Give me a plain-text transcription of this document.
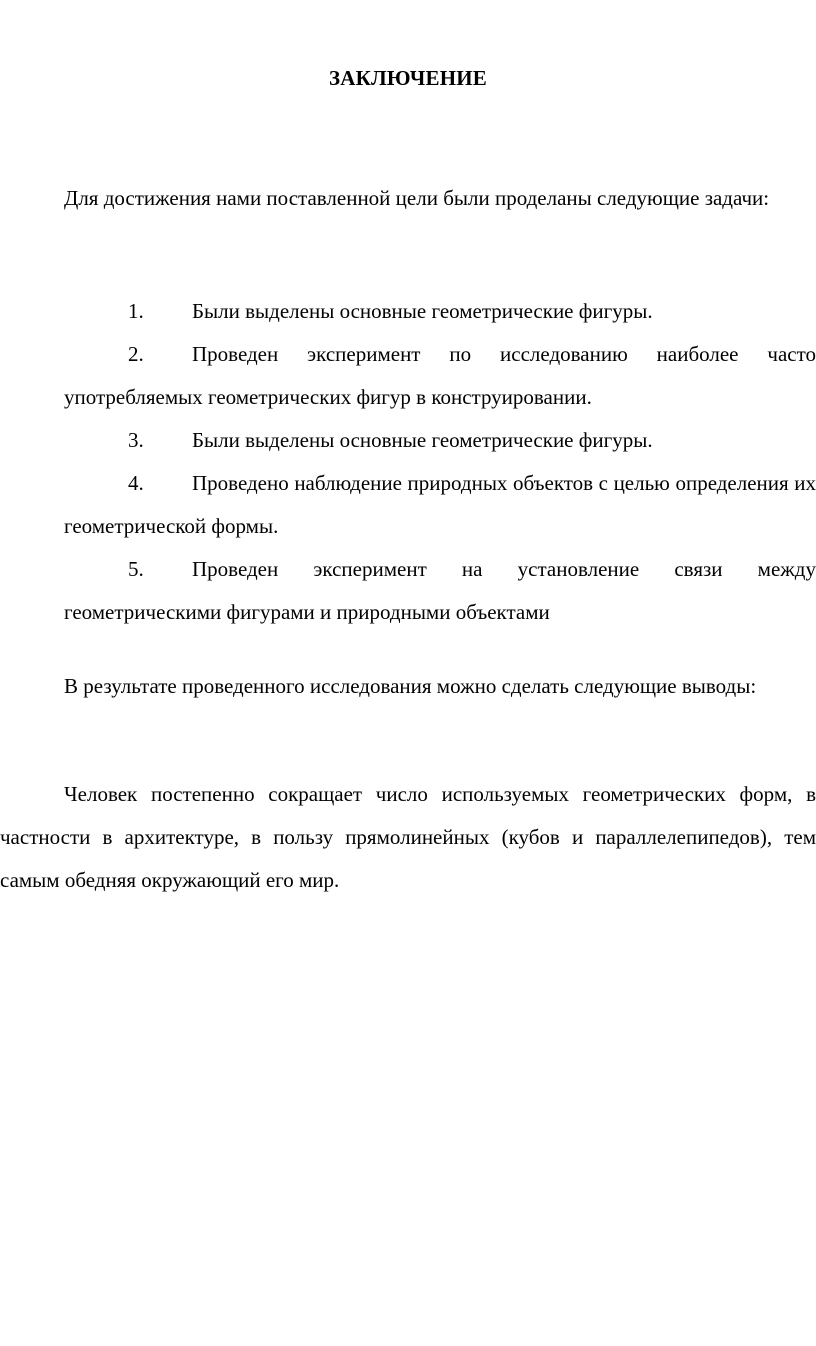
ЗАКЛЮЧЕНИЕ

Для достижения нами поставленной цели были проделаны следующие задачи:

1. Были выделены основные геометрические фигуры.
2. Проведен эксперимент по исследованию наиболее часто употребляемых геометрических фигур в конструировании.
3. Были выделены основные геометрические фигуры.
4. Проведено наблюдение природных объектов с целью определения их геометрической формы.
5. Проведен эксперимент на установление связи между геометрическими фигурами и природными объектами

В результате проведенного исследования можно сделать следующие выводы:

Человек постепенно сокращает число используемых геометрических форм, в частности в архитектуре, в пользу прямолинейных (кубов и параллелепипедов), тем самым обедняя окружающий его мир.
